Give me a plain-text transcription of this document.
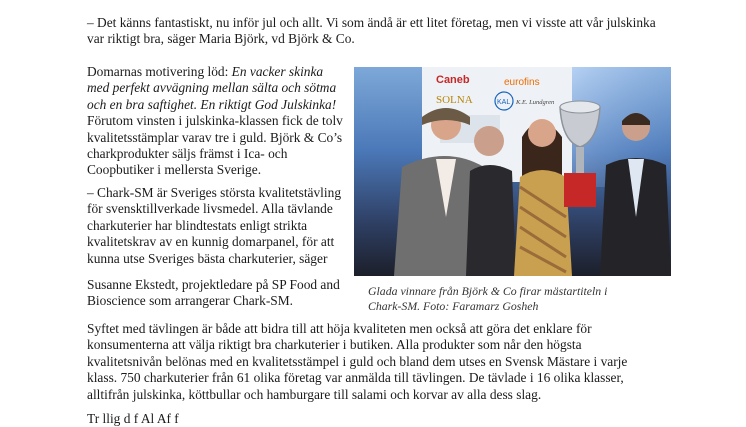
– Det känns fantastiskt, nu inför jul och allt. Vi som ändå är ett litet företag, men vi visste att vår julskinka
var riktigt bra, säger Maria Björk, vd Björk & Co.

Domarnas motivering löd: En vacker skinka
med perfekt avvägning mellan sälta och sötma
och en bra saftighet. En riktigt God Julskinka!
Förutom vinsten i julskinka-klassen fick de tolv
kvalitetsstämplar varav tre i guld. Björk & Co’s
charkprodukter säljs främst i Ica- och
Coopbutiker i mellersta Sverige.

– Chark-SM är Sveriges största kvalitetstävling
för svensktillverkade livsmedel. Alla tävlande
charkuterier har blindtestats enligt strikta
kvalitetskrav av en kunnig domarpanel, för att
kunna utse Sveriges bästa charkuterier, säger

Susanne Ekstedt, projektledare på SP Food and
Bioscience som arrangerar Chark-SM.

Caneb	eurofins
SOLNA	KAL K.E. Lundgren
Glada vinnare från Björk & Co firar mästartiteln i
Chark-SM. Foto: Faramarz Gosheh

Syftet med tävlingen är både att bidra till att höja kvaliteten men också att göra det enklare för
konsumenterna att välja riktigt bra charkuterier i butiken. Alla produkter som når den högsta
kvalitetsnivån belönas med en kvalitetsstämpel i guld och bland dem utses en Svensk Mästare i varje
klass. 750 charkuterier från 61 olika företag var anmälda till tävlingen. De tävlade i 16 olika klasser,
alltifrån julskinka, köttbullar och hamburgare till salami och korvar av alla dess slag.

Tr llig d f Al Af f
